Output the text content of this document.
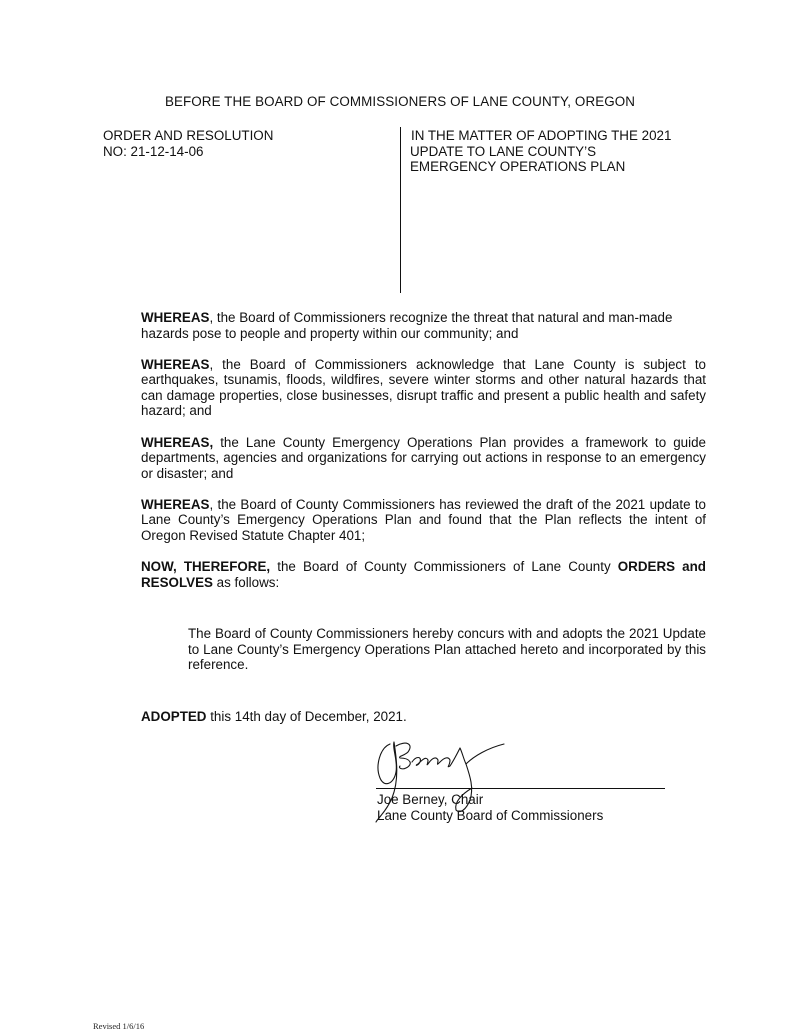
BEFORE THE BOARD OF COMMISSIONERS OF LANE COUNTY, OREGON
ORDER AND RESOLUTION
NO: 21-12-14-06
IN THE MATTER OF ADOPTING THE 2021
UPDATE TO LANE COUNTY’S
EMERGENCY OPERATIONS PLAN

WHEREAS, the Board of Commissioners recognize the threat that natural and man-made hazards pose to people and property within our community; and

WHEREAS, the Board of Commissioners acknowledge that Lane County is subject to earthquakes, tsunamis, floods, wildfires, severe winter storms and other natural hazards that can damage properties, close businesses, disrupt traffic and present a public health and safety hazard; and

WHEREAS, the Lane County Emergency Operations Plan provides a framework to guide departments, agencies and organizations for carrying out actions in response to an emergency or disaster; and

WHEREAS, the Board of County Commissioners has reviewed the draft of the 2021 update to Lane County’s Emergency Operations Plan and found that the Plan reflects the intent of Oregon Revised Statute Chapter 401;

NOW, THEREFORE, the Board of County Commissioners of Lane County ORDERS and RESOLVES as follows:

The Board of County Commissioners hereby concurs with and adopts the 2021 Update to Lane County’s Emergency Operations Plan attached hereto and incorporated by this reference.
ADOPTED this 14th day of December, 2021.
Joe Berney, Chair
Lane County Board of Commissioners
Revised 1/6/16
